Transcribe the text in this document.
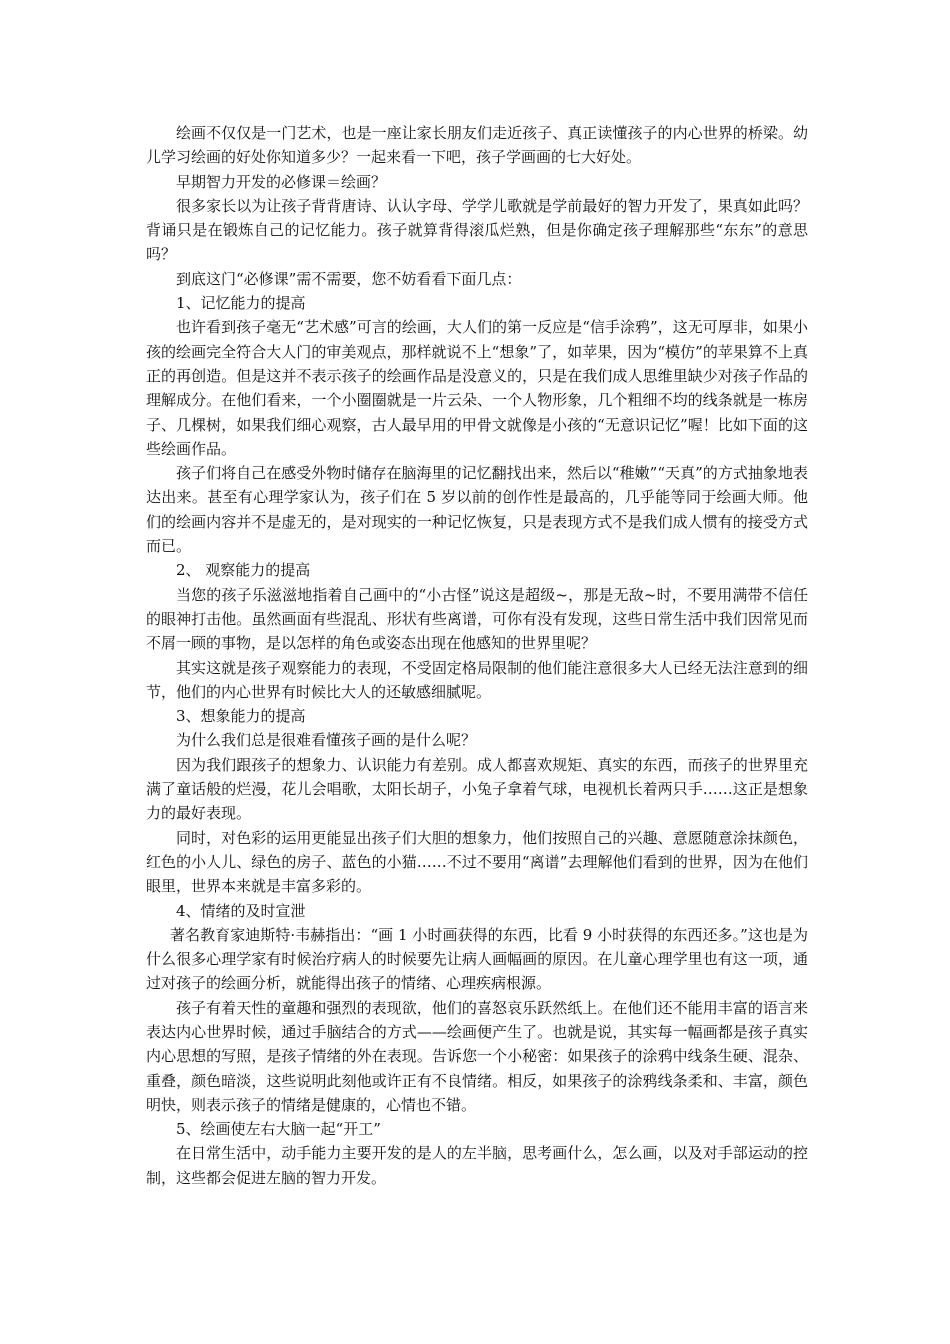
绘画不仅仅是一门艺术，也是一座让家长朋友们走近孩子、真正读懂孩子的内心世界的桥梁。幼儿学习绘画的好处你知道多少？一起来看一下吧，孩子学画画的七大好处。

早期智力开发的必修课＝绘画？

很多家长以为让孩子背背唐诗、认认字母、学学儿歌就是学前最好的智力开发了，果真如此吗？背诵只是在锻炼自己的记忆能力。孩子就算背得滚瓜烂熟，但是你确定孩子理解那些“东东”的意思吗？

到底这门“必修课”需不需要，您不妨看看下面几点：

1、记忆能力的提高

也许看到孩子毫无“艺术感”可言的绘画，大人们的第一反应是“信手涂鸦”，这无可厚非，如果小孩的绘画完全符合大人门的审美观点，那样就说不上“想象”了，如苹果，因为“模仿”的苹果算不上真正的再创造。但是这并不表示孩子的绘画作品是没意义的，只是在我们成人思维里缺少对孩子作品的理解成分。在他们看来，一个小圈圈就是一片云朵、一个人物形象，几个粗细不均的线条就是一栋房子、几棵树，如果我们细心观察，古人最早用的甲骨文就像是小孩的“无意识记忆”喔！比如下面的这些绘画作品。

孩子们将自己在感受外物时储存在脑海里的记忆翻找出来，然后以“稚嫩”“天真”的方式抽象地表达出来。甚至有心理学家认为，孩子们在 5 岁以前的创作性是最高的，几乎能等同于绘画大师。他们的绘画内容并不是虚无的，是对现实的一种记忆恢复，只是表现方式不是我们成人惯有的接受方式而已。

2、 观察能力的提高

当您的孩子乐滋滋地指着自己画中的“小古怪”说这是超级~，那是无敌~时，不要用满带不信任的眼神打击他。虽然画面有些混乱、形状有些离谱，可你有没有发现，这些日常生活中我们因常见而不屑一顾的事物，是以怎样的角色或姿态出现在他感知的世界里呢？

其实这就是孩子观察能力的表现，不受固定格局限制的他们能注意很多大人已经无法注意到的细节，他们的内心世界有时候比大人的还敏感细腻呢。

3、想象能力的提高

为什么我们总是很难看懂孩子画的是什么呢？

因为我们跟孩子的想象力、认识能力有差别。成人都喜欢规矩、真实的东西，而孩子的世界里充满了童话般的烂漫，花儿会唱歌，太阳长胡子，小兔子拿着气球，电视机长着两只手……这正是想象力的最好表现。

同时，对色彩的运用更能显出孩子们大胆的想象力，他们按照自己的兴趣、意愿随意涂抹颜色，红色的小人儿、绿色的房子、蓝色的小猫……不过不要用“离谱”去理解他们看到的世界，因为在他们眼里，世界本来就是丰富多彩的。

4、情绪的及时宣泄

著名教育家迪斯特·韦赫指出：“画 1 小时画获得的东西，比看 9 小时获得的东西还多。”这也是为什么很多心理学家有时候治疗病人的时候要先让病人画幅画的原因。在儿童心理学里也有这一项，通过对孩子的绘画分析，就能得出孩子的情绪、心理疾病根源。

孩子有着天性的童趣和强烈的表现欲，他们的喜怒哀乐跃然纸上。在他们还不能用丰富的语言来表达内心世界时候，通过手脑结合的方式——绘画便产生了。也就是说，其实每一幅画都是孩子真实内心思想的写照，是孩子情绪的外在表现。告诉您一个小秘密：如果孩子的涂鸦中线条生硬、混杂、重叠，颜色暗淡，这些说明此刻他或许正有不良情绪。相反，如果孩子的涂鸦线条柔和、丰富，颜色明快，则表示孩子的情绪是健康的，心情也不错。

5、绘画使左右大脑一起“开工”

在日常生活中，动手能力主要开发的是人的左半脑，思考画什么，怎么画，以及对手部运动的控制，这些都会促进左脑的智力开发。
